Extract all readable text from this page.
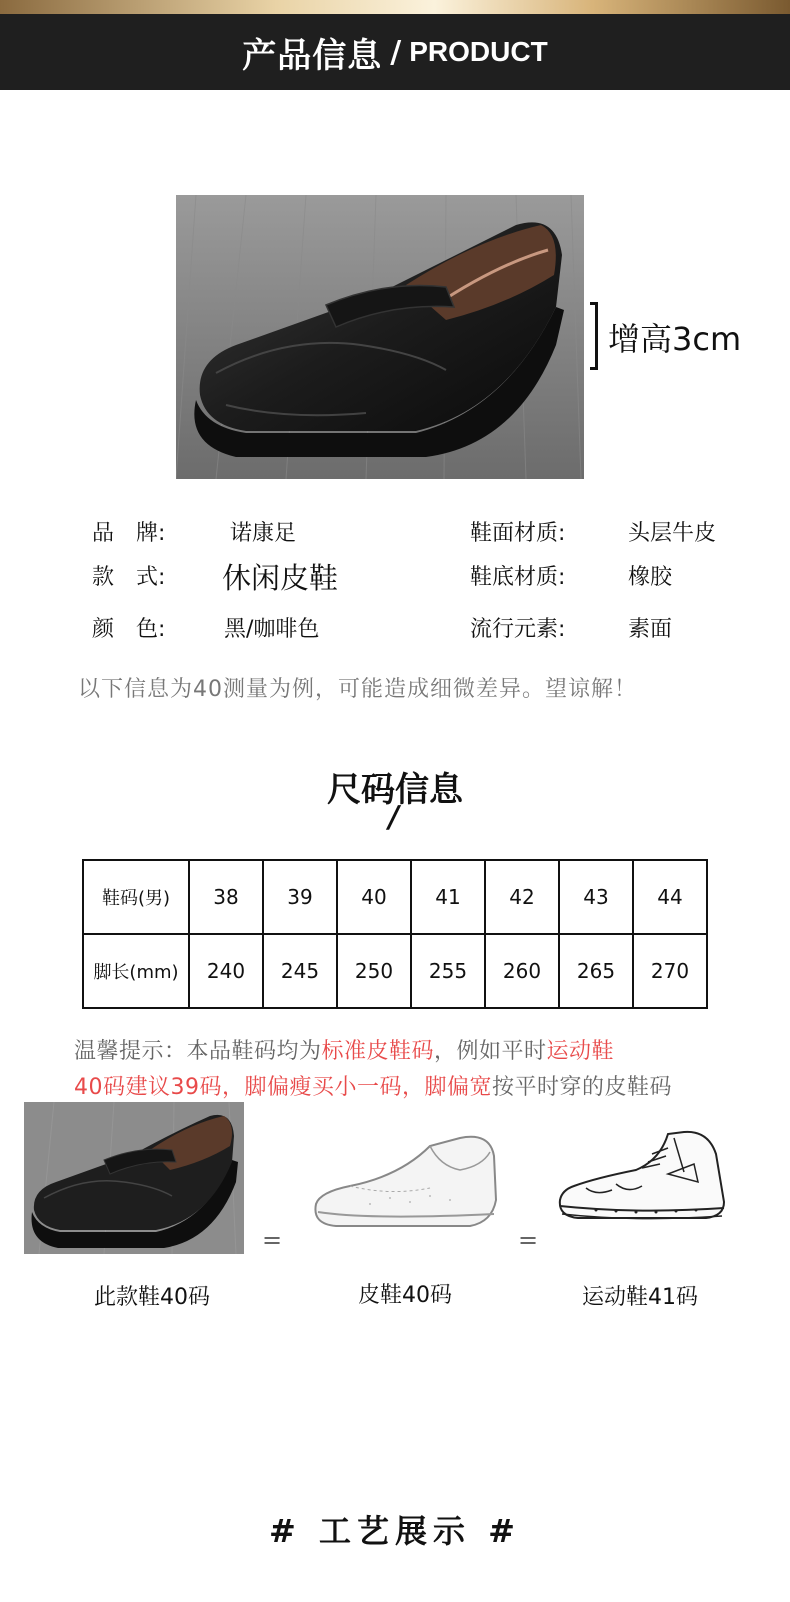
产品信息 / PRODUCT
增高3cm
品　牌:	诺康足
款　式: 休闲皮鞋
颜　色:	黑/咖啡色
鞋面材质:	头层牛皮
鞋底材质:	橡胶
流行元素:	素面
以下信息为40测量为例，可能造成细微差异。望谅解！
尺码信息
/
鞋码(男)	38	39	40	41	42	43	44
脚长(mm)	240	245	250	255	260	265	270
温馨提示：本品鞋码均为标准皮鞋码，例如平时运动鞋
40码建议39码，脚偏瘦买小一码，脚偏宽按平时穿的皮鞋码
=	=
此款鞋40码	皮鞋40码	运动鞋41码
# 工艺展示 #
